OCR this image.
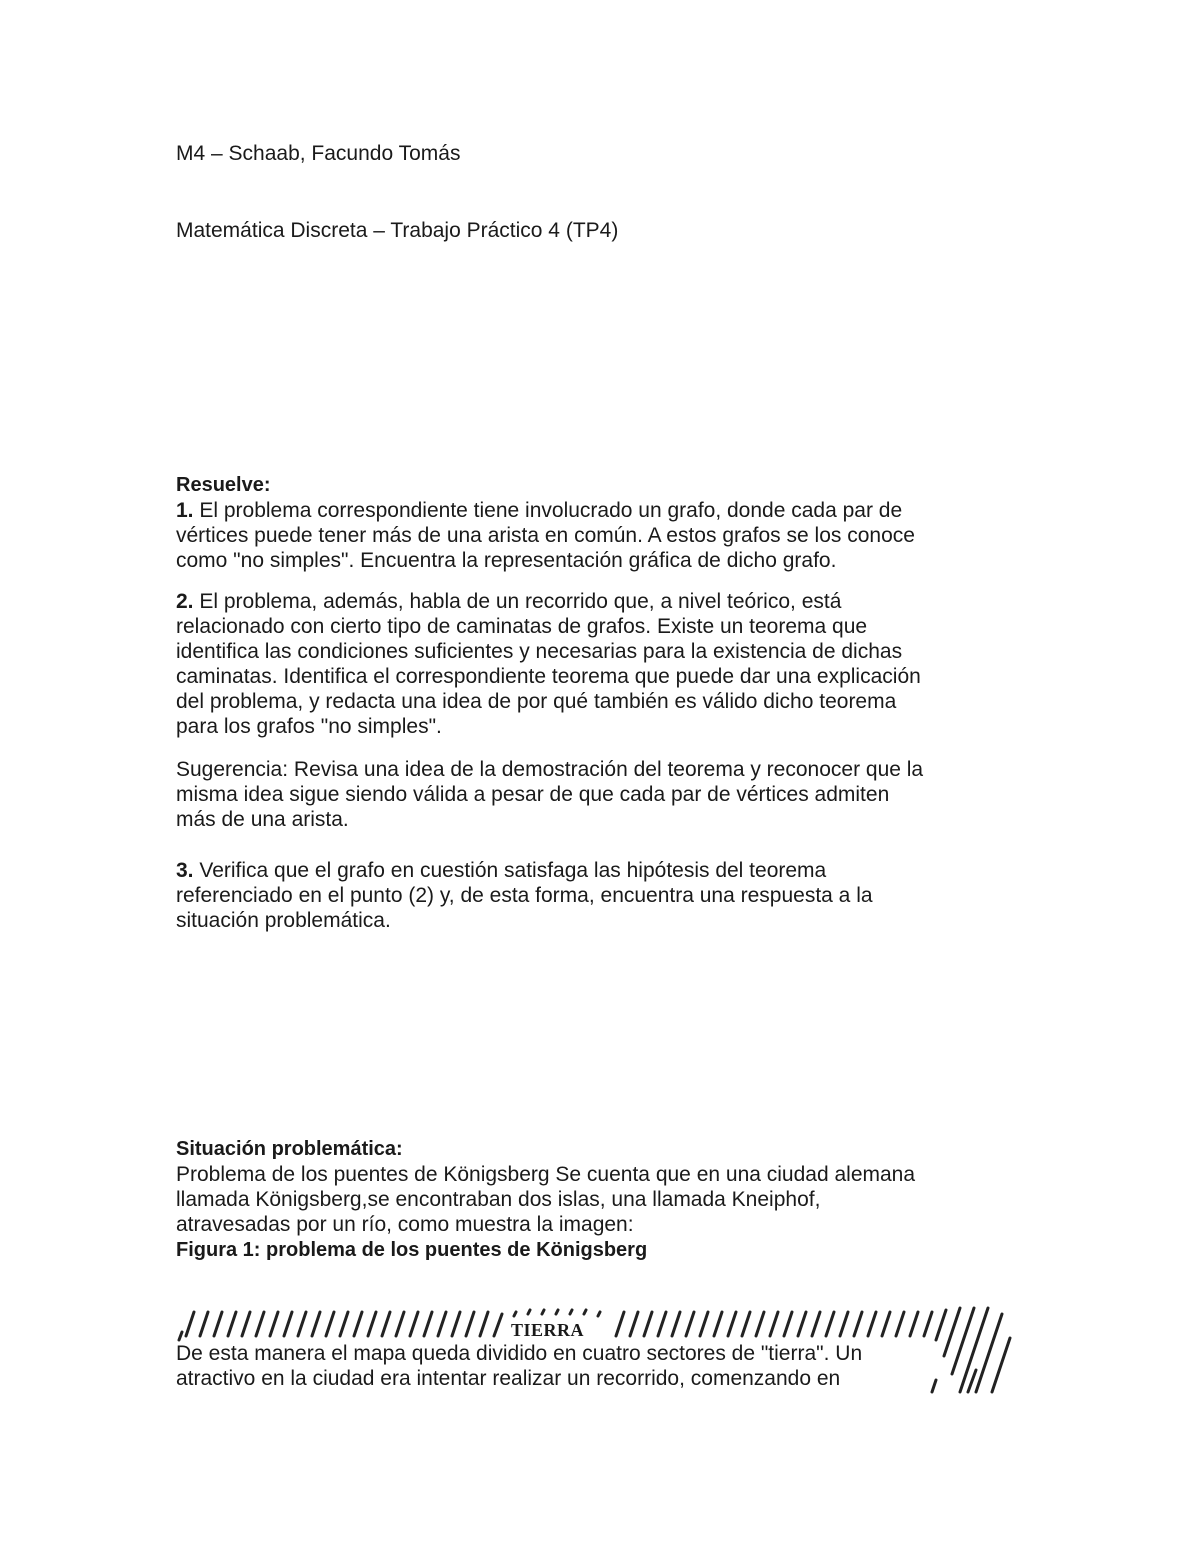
M4 – Schaab, Facundo Tomás
Matemática Discreta – Trabajo Práctico 4 (TP4)
Resuelve:
1. El problema correspondiente tiene involucrado un grafo, donde cada par de
vértices puede tener más de una arista en común. A estos grafos se los conoce
como "no simples". Encuentra la representación gráfica de dicho grafo.
2. El problema, además, habla de un recorrido que, a nivel teórico, está
relacionado con cierto tipo de caminatas de grafos. Existe un teorema que
identifica las condiciones suficientes y necesarias para la existencia de dichas
caminatas. Identifica el correspondiente teorema que puede dar una explicación
del problema, y redacta una idea de por qué también es válido dicho teorema
para los grafos "no simples".
Sugerencia: Revisa una idea de la demostración del teorema y reconocer que la
misma idea sigue siendo válida a pesar de que cada par de vértices admiten
más de una arista.
3. Verifica que el grafo en cuestión satisfaga las hipótesis del teorema
referenciado en el punto (2) y, de esta forma, encuentra una respuesta a la
situación problemática.
Situación problemática:
Problema de los puentes de Königsberg Se cuenta que en una ciudad alemana
llamada Königsberg,se encontraban dos islas, una llamada Kneiphof,
atravesadas por un río, como muestra la imagen:
Figura 1: problema de los puentes de Königsberg
TIERRA
De esta manera el mapa queda dividido en cuatro sectores de "tierra". Un
atractivo en la ciudad era intentar realizar un recorrido, comenzando en
